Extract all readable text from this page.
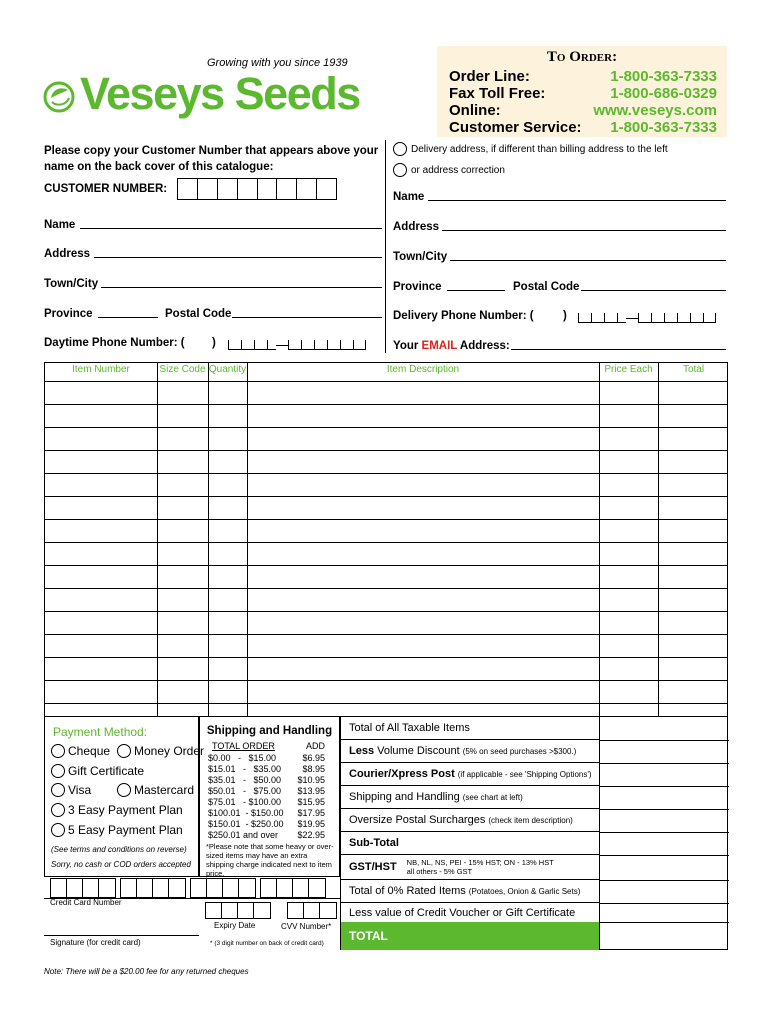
Growing with you since 1939
Veseys Seeds
To Order:
Order Line:	1-800-363-7333
Fax Toll Free:	1-800-686-0329
Online:	www.veseys.com
Customer Service: 1-800-363-7333
Please copy your Customer Number that appears above your name on the back cover of this catalogue:
CUSTOMER NUMBER:
Name
Address
Town/City
Province	Postal Code
Daytime Phone Number: ( )
Delivery address, if different than billing address to the left
or address correction
Name
Address
Town/City
Province	Postal Code
Delivery Phone Number: (	)
Your EMAIL Address:
Item Number	Size Code Quantity	Item Description	Price Each	Total
Payment Method:
Cheque Money Order
Gift Certificate
Visa	Mastercard
3 Easy Payment Plan
5 Easy Payment Plan
(See terms and conditions on reverse)
Sorry, no cash or COD orders accepted
Shipping and Handling
TOTAL ORDER	ADD
$0.00   -   $15.00	$6.95
$15.01   -   $35.00 $8.95
$35.01   -   $50.00 $10.95
$50.01   -   $75.00 $13.95
$75.01   - $100.00 $15.95
$100.01  - $150.00 $17.95
$150.01  - $250.00 $19.95
$250.01 and over $22.95
*Please note that some heavy or over-sized items may have an extra shipping charge indicated next to item price.
Total of All Taxable Items
Less
Volume Discount (5% on seed purchases >$300.)
Courier/Xpress Post (if applicable - see 'Shipping Options')
Shipping and Handling (see chart at left)
Oversize Postal Surcharges (check item description)
Sub-Total
GST/HST NB, NL, NS, PEI - 15% HST; ON - 13% HST
all others - 5% GST
Total of 0% Rated Items (Potatoes, Onion & Garlic Sets)
Less value of Credit Voucher or Gift Certificate
TOTAL
Credit Card Number
Expiry Date	CVV Number*
Signature (for credit card)	* (3 digit number on back of credit card)
Note: There will be a $20.00 fee for any returned cheques
